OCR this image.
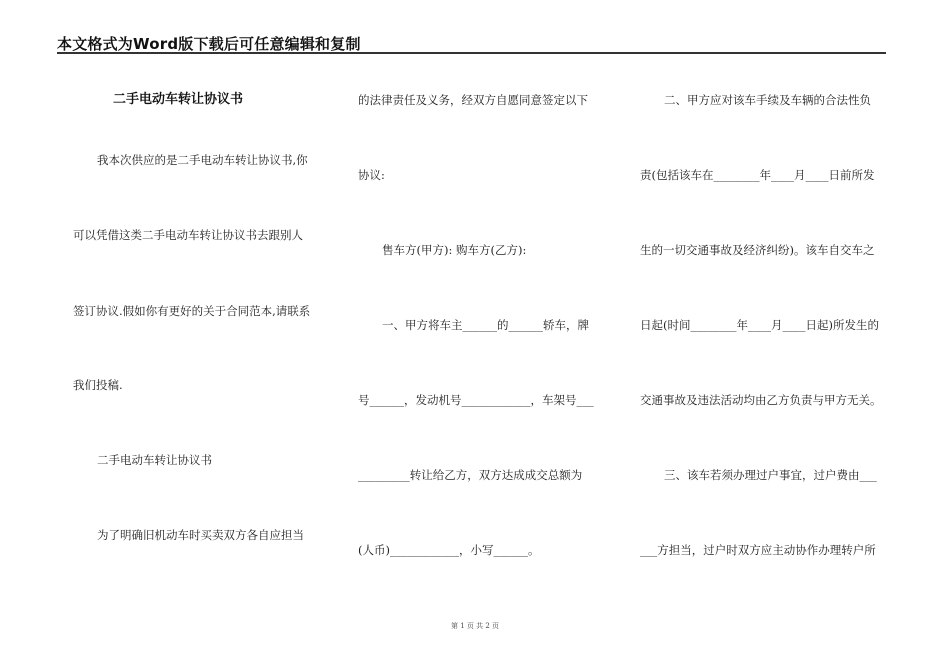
本文格式为Word版下载后可任意编辑和复制
二手电动车转让协议书
我本次供应的是二手电动车转让协议书,你
可以凭借这类二手电动车转让协议书去跟别人
签订协议.假如你有更好的关于合同范本,请联系
我们投稿.
二手电动车转让协议书
为了明确旧机动车时买卖双方各自应担当
的法律责任及义务，经双方自愿同意签定以下
协议:
售车方(甲方): 购车方(乙方):
一、甲方将车主______的______轿车，牌
号______，发动机号____________，车架号___
_________转让给乙方，双方达成成交总额为
(人币)____________，小写______。
二、甲方应对该车手续及车辆的合法性负
责(包括该车在________年____月____日前所发
生的一切交通事故及经济纠纷)。该车自交车之
日起(时间________年____月____日起)所发生的
交通事故及违法活动均由乙方负责与甲方无关。
三、该车若须办理过户事宜，过户费由___
___方担当，过户时双方应主动协作办理转户所
第 1 页 共 2 页
